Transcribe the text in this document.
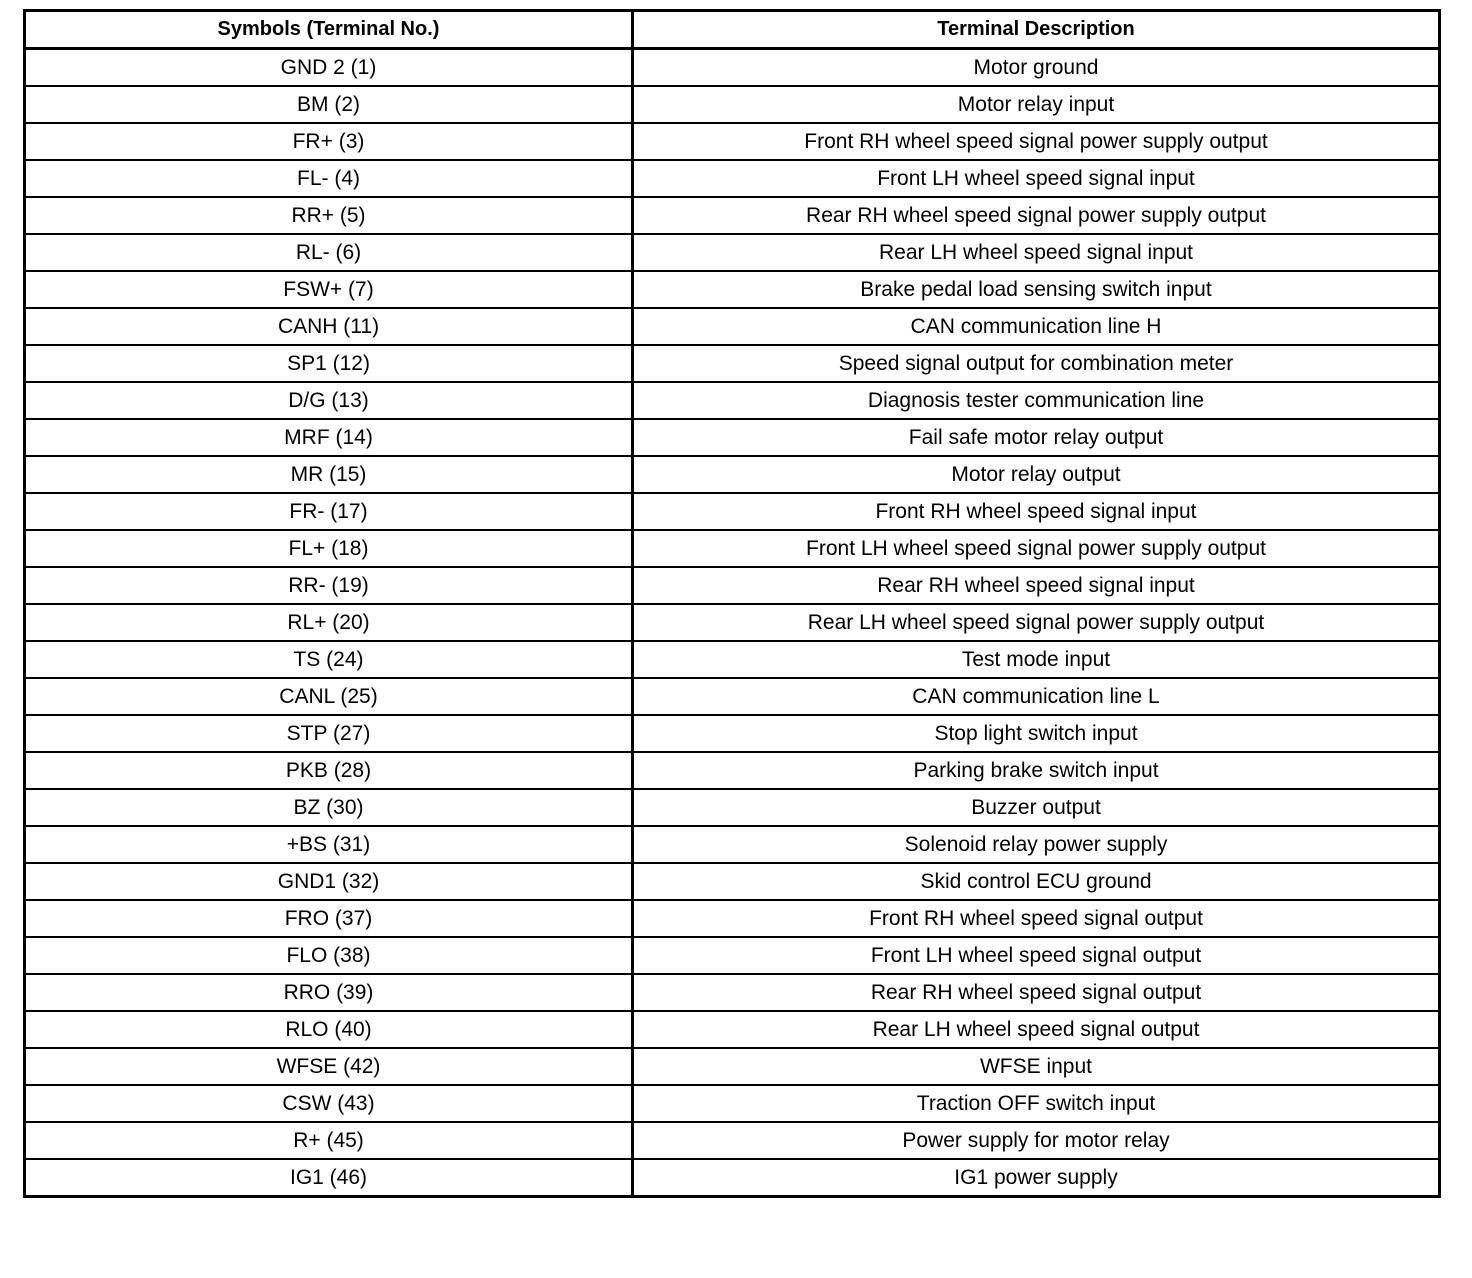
Symbols (Terminal No.)	Terminal Description
GND 2 (1)	Motor ground
BM (2)	Motor relay input
FR+ (3)	Front RH wheel speed signal power supply output
FL- (4)	Front LH wheel speed signal input
RR+ (5)	Rear RH wheel speed signal power supply output
RL- (6)	Rear LH wheel speed signal input
FSW+ (7)	Brake pedal load sensing switch input
CANH (11)	CAN communication line H
SP1 (12)	Speed signal output for combination meter
D/G (13)	Diagnosis tester communication line
MRF (14)	Fail safe motor relay output
MR (15)	Motor relay output
FR- (17)	Front RH wheel speed signal input
FL+ (18)	Front LH wheel speed signal power supply output
RR- (19)	Rear RH wheel speed signal input
RL+ (20)	Rear LH wheel speed signal power supply output
TS (24)	Test mode input
CANL (25)	CAN communication line L
STP (27)	Stop light switch input
PKB (28)	Parking brake switch input
BZ (30)	Buzzer output
+BS (31)	Solenoid relay power supply
GND1 (32)	Skid control ECU ground
FRO (37)	Front RH wheel speed signal output
FLO (38)	Front LH wheel speed signal output
RRO (39)	Rear RH wheel speed signal output
RLO (40)	Rear LH wheel speed signal output
WFSE (42)	WFSE input
CSW (43)	Traction OFF switch input
R+ (45)	Power supply for motor relay
IG1 (46)	IG1 power supply
